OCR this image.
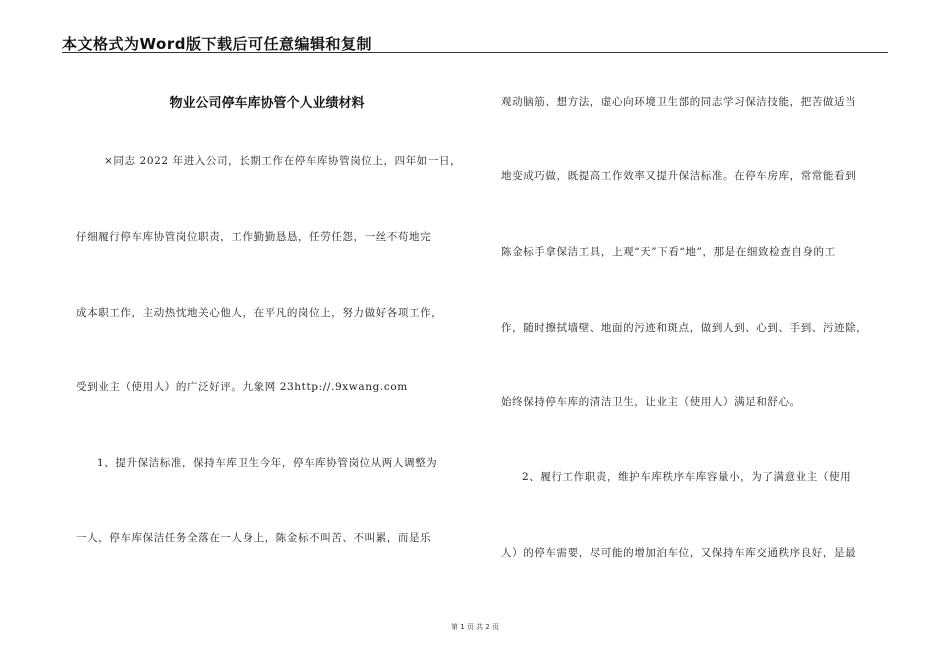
本文格式为Word版下载后可任意编辑和复制
物业公司停车库协管个人业绩材料
×同志 2022 年进入公司，长期工作在停车库协管岗位上，四年如一日，
仔细履行停车库协管岗位职责，工作勤勤恳恳，任劳任怨，一丝不苟地完
成本职工作，主动热忱地关心他人，在平凡的岗位上，努力做好各项工作，
受到业主（使用人）的广泛好评。九象网 23http://.9xwang.com
1、提升保洁标准，保持车库卫生今年，停车库协管岗位从两人调整为
一人，停车库保洁任务全落在一人身上，陈金标不叫苦、不叫累，而是乐
观动脑筋、想方法，虚心向环境卫生部的同志学习保洁技能，把苦做适当
地变成巧做，既提高工作效率又提升保洁标准。在停车房库，常常能看到
陈金标手拿保洁工具，上观“天”下看“地”，那是在细致检查自身的工
作，随时擦拭墙壁、地面的污迹和斑点，做到人到、心到、手到、污迹除，
始终保持停车库的清洁卫生，让业主（使用人）满足和舒心。
2、履行工作职责，维护车库秩序车库容量小，为了满意业主（使用
人）的停车需要，尽可能的增加泊车位，又保持车库交通秩序良好，是最
第 1 页 共 2 页
